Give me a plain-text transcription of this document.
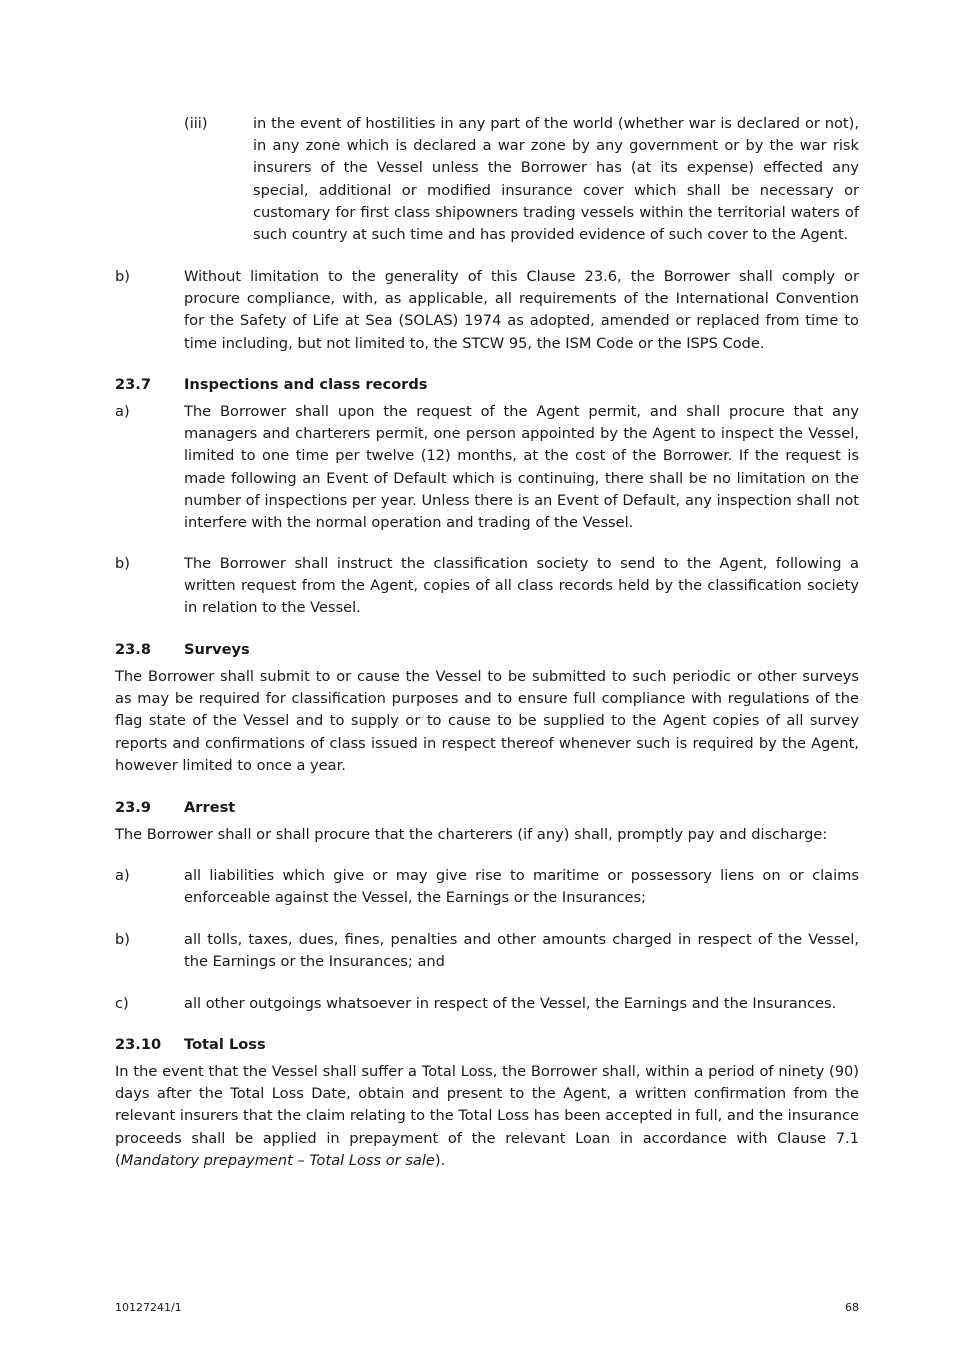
(iii)	in the event of hostilities in any part of the world (whether war is declared or not), in any zone which is declared a war zone by any government or by the war risk insurers of the Vessel unless the Borrower has (at its expense) effected any special, additional or modified insurance cover which shall be necessary or customary for first class shipowners trading vessels within the territorial waters of such country at such time and has provided evidence of such cover to the Agent.
b)	Without limitation to the generality of this Clause 23.6, the Borrower shall comply or procure compliance, with, as applicable, all requirements of the International Convention for the Safety of Life at Sea (SOLAS) 1974 as adopted, amended or replaced from time to time including, but not limited to, the STCW 95, the ISM Code or the ISPS Code.
23.7	Inspections and class records
a)	The Borrower shall upon the request of the Agent permit, and shall procure that any managers and charterers permit, one person appointed by the Agent to inspect the Vessel, limited to one time per twelve (12) months, at the cost of the Borrower. If the request is made following an Event of Default which is continuing, there shall be no limitation on the number of inspections per year. Unless there is an Event of Default, any inspection shall not interfere with the normal operation and trading of the Vessel.
b)	The Borrower shall instruct the classification society to send to the Agent, following a written request from the Agent, copies of all class records held by the classification society in relation to the Vessel.
23.8	Surveys
The Borrower shall submit to or cause the Vessel to be submitted to such periodic or other surveys as may be required for classification purposes and to ensure full compliance with regulations of the flag state of the Vessel and to supply or to cause to be supplied to the Agent copies of all survey reports and confirmations of class issued in respect thereof whenever such is required by the Agent, however limited to once a year.
23.9	Arrest
The Borrower shall or shall procure that the charterers (if any) shall, promptly pay and discharge:
a)	all liabilities which give or may give rise to maritime or possessory liens on or claims enforceable against the Vessel, the Earnings or the Insurances;
b)	all tolls, taxes, dues, fines, penalties and other amounts charged in respect of the Vessel, the Earnings or the Insurances; and
c)	all other outgoings whatsoever in respect of the Vessel, the Earnings and the Insurances.
23.10	Total Loss
In the event that the Vessel shall suffer a Total Loss, the Borrower shall, within a period of ninety (90) days after the Total Loss Date, obtain and present to the Agent, a written confirmation from the relevant insurers that the claim relating to the Total Loss has been accepted in full, and the insurance proceeds shall be applied in prepayment of the relevant Loan in accordance with Clause 7.1 (Mandatory prepayment – Total Loss or sale).
10127241/1	68
